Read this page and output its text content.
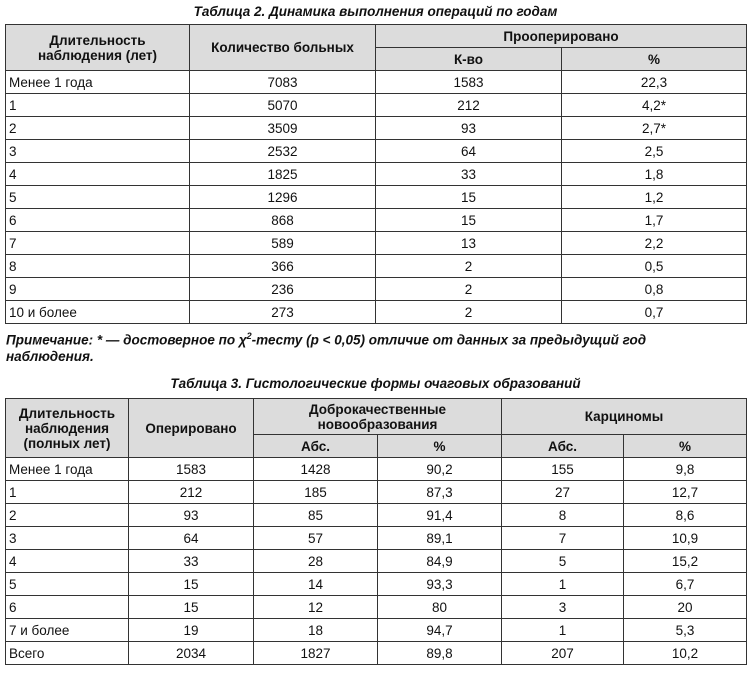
Таблица 2. Динамика выполнения операций по годам
Длительность наблюдения (лет)	Количество больных	Прооперировано	
		К-во	%
Менее 1 года	7083	1583	22,3
1	5070	212	4,2*
2	3509	93	2,7*
3	2532	64	2,5
4	1825	33	1,8
5	1296	15	1,2
6	868	15	1,7
7	589	13	2,2
8	366	2	0,5
9	236	2	0,8
10 и более	273	2	0,7
Примечание: * — достоверное по $\chi^2$-тесту (p < 0,05) отличие от данных за предыдущий год наблюдения.
Таблица 3. Гистологические формы очаговых образований
Длительность наблюдения (полных лет)	Оперировано	Доброкачественные новообразования		Карциномы	
		Абс.	%	Абс.	%
Менее 1 года	1583	1428	90,2	155	9,8
1	212	185	87,3	27	12,7
2	93	85	91,4	8	8,6
3	64	57	89,1	7	10,9
4	33	28	84,9	5	15,2
5	15	14	93,3	1	6,7
6	15	12	80	3	20
7 и более	19	18	94,7	1	5,3
Всего	2034	1827	89,8	207	10,2
